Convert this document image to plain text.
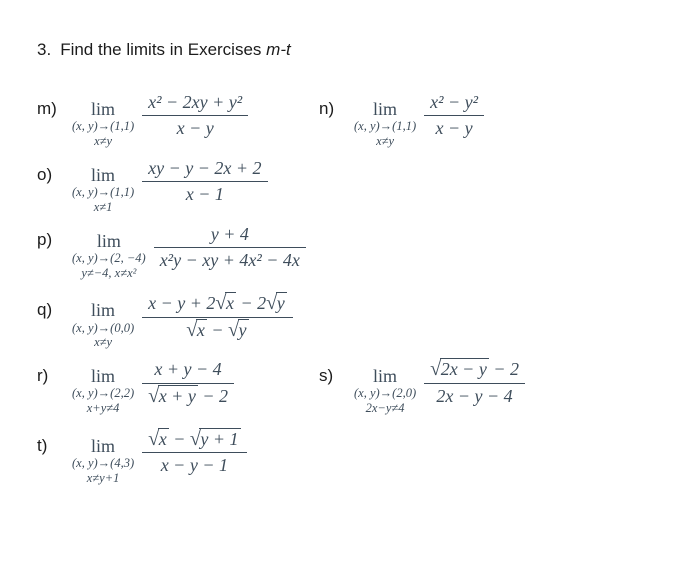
3. Find the limits in Exercises m-t
m)	lim
(x, y)→(1,1)
$x\ne y \frac{\text{x² − 2xy + y²}}{x - y}$	n)	lim
(x, y)→(1,1)
$x\ne y \frac{\text{x² − y²}}{x - y}$
o)	lim
(x, y)→(1,1)
$x\ne 1 \frac{xy - y - 2x + 2}{x - 1}$
p)	lim
(x, y)→(2, −4)
y≠−4, $x\ne x^2 \frac{y + 4}{\text{x²y − xy + 4x² − 4x}}$
q)	lim
(x, y)→(0,0)
$x\ne y \frac{x - y + 2 √ x - 2 √ y}{√ x - √ y}$
r)	lim
(x, y)→(2,2)
$x+y\ne 4 \frac{x + y - 4}{√ x + y - 2}$	s)	lim
(x, y)→(2,0)
$2x-y\ne 4 \frac{√ 2x - y - 2}{2x - y - 4}$
t)	lim
(x, y)→(4,3)
$x\ne y+1 \frac{√ x - √ y + 1}{x - y - 1}$
